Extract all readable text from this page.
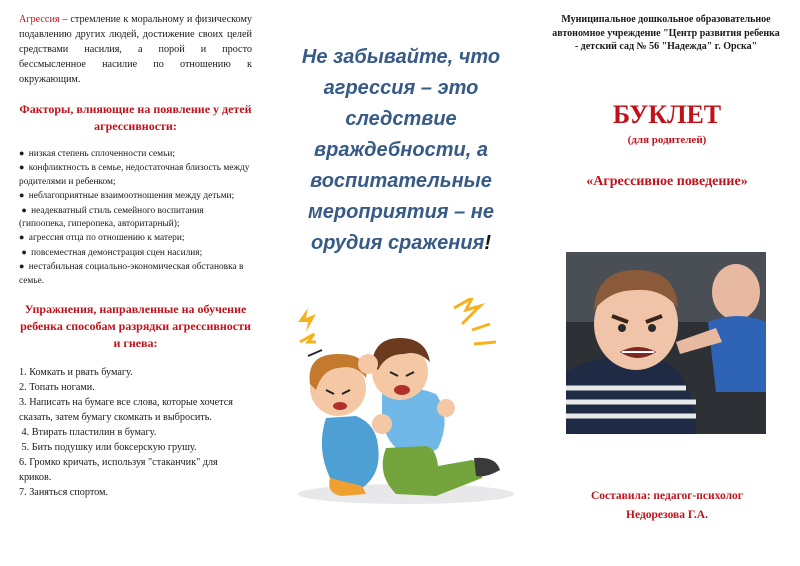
Агрессия – стремление к моральному и физическому подавлению других людей, достижение своих целей средствами насилия, а порой и просто бессмысленное насилие по отношению к окружающим.

Факторы, влияющие на появление у детей агрессивности:

● низкая степень сплоченности семьи;
● конфликтность в семье, недостаточная близость между родителями и ребенком;
● неблагоприятные взаимоотношения между детьми;
● неадекватный стиль семейного воспитания (гипоопека, гиперопека, авторитарный);
● агрессия отца по отношению к матери;
● повсеместная демонстрация сцен насилия;
● нестабильная социально-экономическая обстановка в семье.

Упражнения, направленные на обучение ребенка способам разрядки агрессивности и гнева:

1. Комкать и рвать бумагу.
2. Топать ногами.
3. Написать на бумаге все слова, которые хочется сказать, затем бумагу скомкать и выбросить.
4. Втирать пластилин в бумагу.
5. Бить подушку или боксерскую грушу.
6. Громко кричать, используя "стаканчик" для криков.
7. Заняться спортом.
Не забывайте, что агрессия – это следствие враждебности, а воспитательные мероприятия – не орудия сражения!
Муниципальное дошкольное образовательное автономное учреждение "Центр развития ребенка - детский сад № 56 "Надежда" г. Орска"
БУКЛЕТ
(для родителей)
«Агрессивное поведение»
Составила: педагог-психолог
Недорезова Г.А.
